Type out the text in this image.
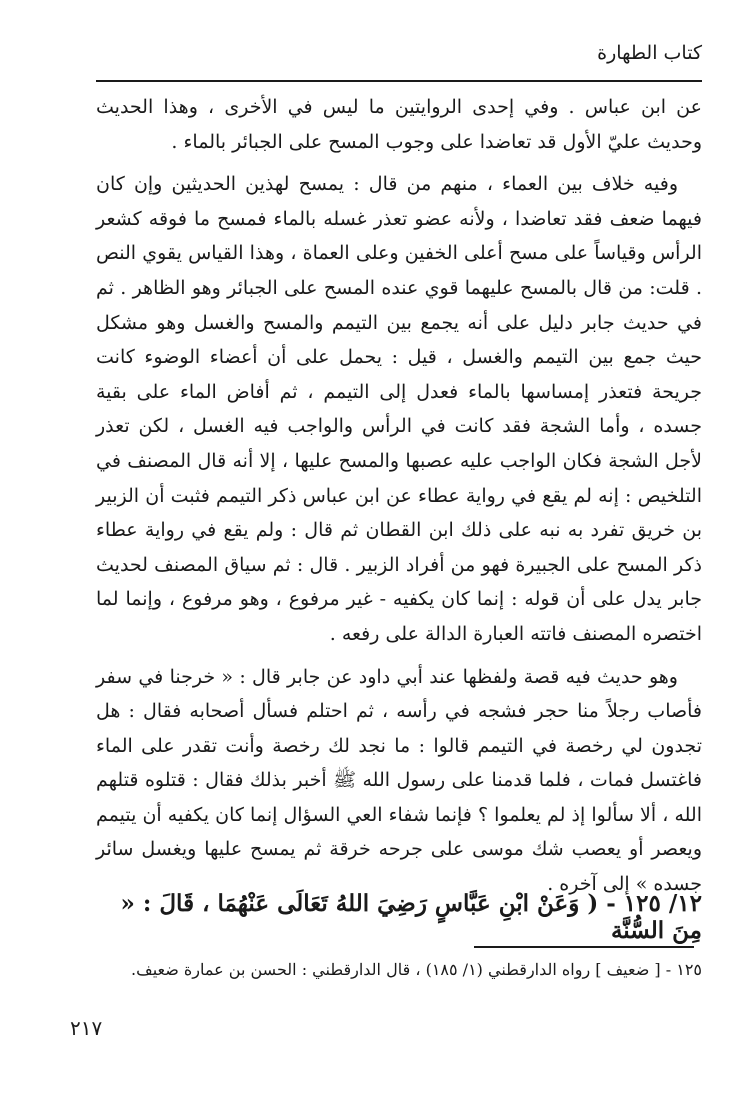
كتاب الطهارة

عن ابن عباس . وفي إحدى الروايتين ما ليس في الأخرى ، وهذا الحديث وحديث عليّ الأول قد تعاضدا على وجوب المسح على الجبائر بالماء .

وفيه خلاف بين العماء ، منهم من قال : يمسح لهذين الحديثين وإن كان فيهما ضعف فقد تعاضدا ، ولأنه عضو تعذر غسله بالماء فمسح ما فوقه كشعر الرأس وقياساً على مسح أعلى الخفين وعلى العماة ، وهذا القياس يقوي النص . قلت: من قال بالمسح عليهما قوي عنده المسح على الجبائر وهو الظاهر . ثم في حديث جابر دليل على أنه يجمع بين التيمم والمسح والغسل وهو مشكل حيث جمع بين التيمم والغسل ، قيل : يحمل على أن أعضاء الوضوء كانت جريحة فتعذر إمساسها بالماء فعدل إلى التيمم ، ثم أفاض الماء على بقية جسده ، وأما الشجة فقد كانت في الرأس والواجب فيه الغسل ، لكن تعذر لأجل الشجة فكان الواجب عليه عصبها والمسح عليها ، إلا أنه قال المصنف في التلخيص : إنه لم يقع في رواية عطاء عن ابن عباس ذكر التيمم فثبت أن الزبير بن خريق تفرد به نبه على ذلك ابن القطان ثم قال : ولم يقع في رواية عطاء ذكر المسح على الجبيرة فهو من أفراد الزبير . قال : ثم سياق المصنف لحديث جابر يدل على أن قوله : إنما كان يكفيه - غير مرفوع ، وهو مرفوع ، وإنما لما اختصره المصنف فاتته العبارة الدالة على رفعه .

وهو حديث فيه قصة ولفظها عند أبي داود عن جابر قال : « خرجنا في سفر فأصاب رجلاً منا حجر فشجه في رأسه ، ثم احتلم فسأل أصحابه فقال : هل تجدون لي رخصة في التيمم قالوا : ما نجد لك رخصة وأنت تقدر على الماء فاغتسل فمات ، فلما قدمنا على رسول الله ﷺ أخبر بذلك فقال : قتلوه قتلهم الله ، ألا سألوا إذ لم يعلموا ؟ فإنما شفاء العي السؤال إنما كان يكفيه أن يتيمم ويعصر أو يعصب شك موسى على جرحه خرقة ثم يمسح عليها ويغسل سائر جسده » إلى آخره .

١٢/ ١٢٥ - ( وَعَنْ ابْنِ عَبَّاسٍ رَضِيَ اللهُ تَعَالَى عَنْهُمَا ، قَالَ : « مِنَ السُّنَّة
١٢٥ - [ ضعيف ] رواه الدارقطني (١/ ١٨٥) ، قال الدارقطني : الحسن بن عمارة ضعيف.
٢١٧
